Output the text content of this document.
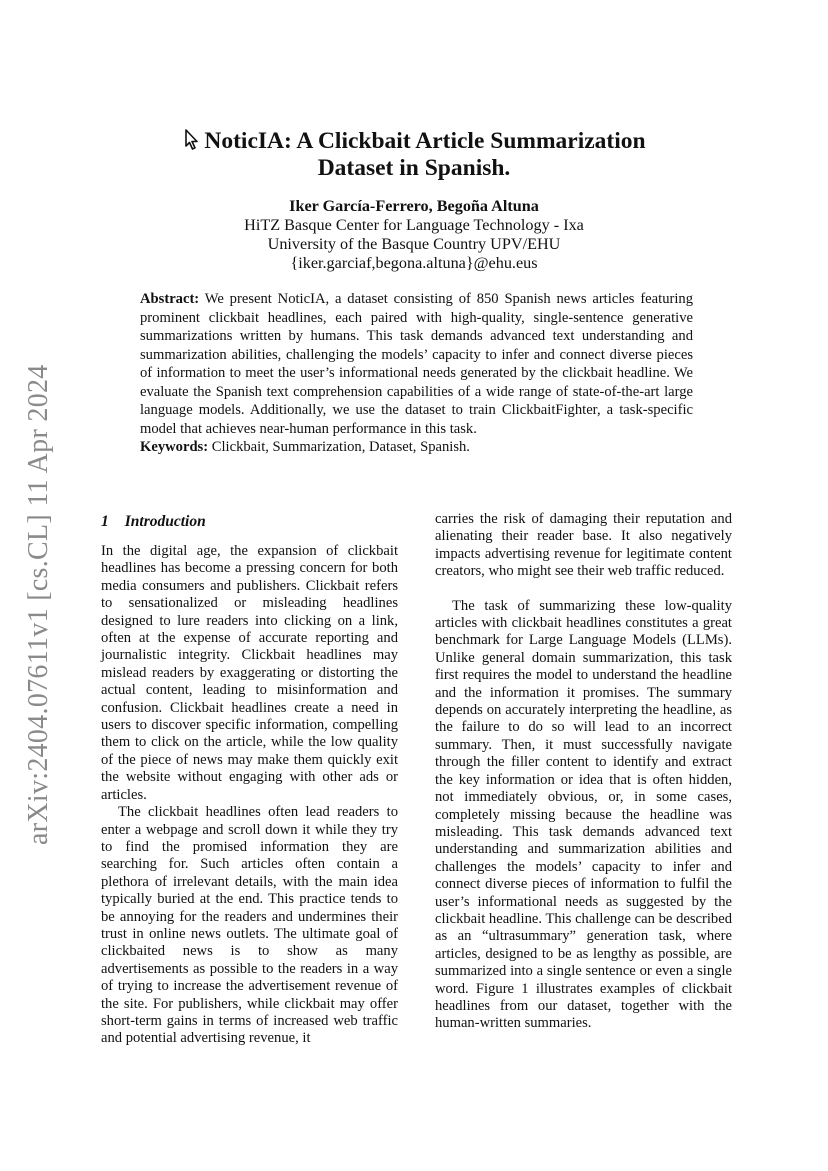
arXiv:2404.07611v1 [cs.CL] 11 Apr 2024
NoticIA: A Clickbait Article Summarization
Dataset in Spanish.
Iker García-Ferrero, Begoña Altuna
HiTZ Basque Center for Language Technology - Ixa
University of the Basque Country UPV/EHU
{iker.garciaf,begona.altuna}@ehu.eus

Abstract: We present NoticIA, a dataset consisting of 850 Spanish news articles featuring prominent clickbait headlines, each paired with high-quality, single-sentence generative summarizations written by humans. This task demands advanced text understanding and summarization abilities, challenging the models’ capacity to infer and connect diverse pieces of information to meet the user’s informational needs generated by the clickbait headline. We evaluate the Spanish text comprehension capabilities of a wide range of state-of-the-art large language models. Additionally, we use the dataset to train ClickbaitFighter, a task-specific model that achieves near-human performance in this task.

Keywords: Clickbait, Summarization, Dataset, Spanish.

1 Introduction

In the digital age, the expansion of clickbait headlines has become a pressing concern for both media consumers and publishers. Clickbait refers to sensationalized or misleading headlines designed to lure readers into clicking on a link, often at the expense of accurate reporting and journalistic integrity. Clickbait headlines may mislead readers by exaggerating or distorting the actual content, leading to misinformation and confusion. Clickbait headlines create a need in users to discover specific information, compelling them to click on the article, while the low quality of the piece of news may make them quickly exit the website without engaging with other ads or articles.

The clickbait headlines often lead readers to enter a webpage and scroll down it while they try to find the promised information they are searching for. Such articles often contain a plethora of irrelevant details, with the main idea typically buried at the end. This practice tends to be annoying for the readers and undermines their trust in online news outlets. The ultimate goal of clickbaited news is to show as many advertisements as possible to the readers in a way of trying to increase the advertisement revenue of the site. For publishers, while clickbait may offer short-term gains in terms of increased web traffic and potential advertising revenue, it

carries the risk of damaging their reputation and alienating their reader base. It also negatively impacts advertising revenue for legitimate content creators, who might see their web traffic reduced.

The task of summarizing these low-quality articles with clickbait headlines constitutes a great benchmark for Large Language Models (LLMs). Unlike general domain summarization, this task first requires the model to understand the headline and the information it promises. The summary depends on accurately interpreting the headline, as the failure to do so will lead to an incorrect summary. Then, it must successfully navigate through the filler content to identify and extract the key information or idea that is often hidden, not immediately obvious, or, in some cases, completely missing because the headline was misleading. This task demands advanced text understanding and summarization abilities and challenges the models’ capacity to infer and connect diverse pieces of information to fulfil the user’s informational needs as suggested by the clickbait headline. This challenge can be described as an “ultrasummary” generation task, where articles, designed to be as lengthy as possible, are summarized into a single sentence or even a single word. Figure 1 illustrates examples of clickbait headlines from our dataset, together with the human-written summaries.
